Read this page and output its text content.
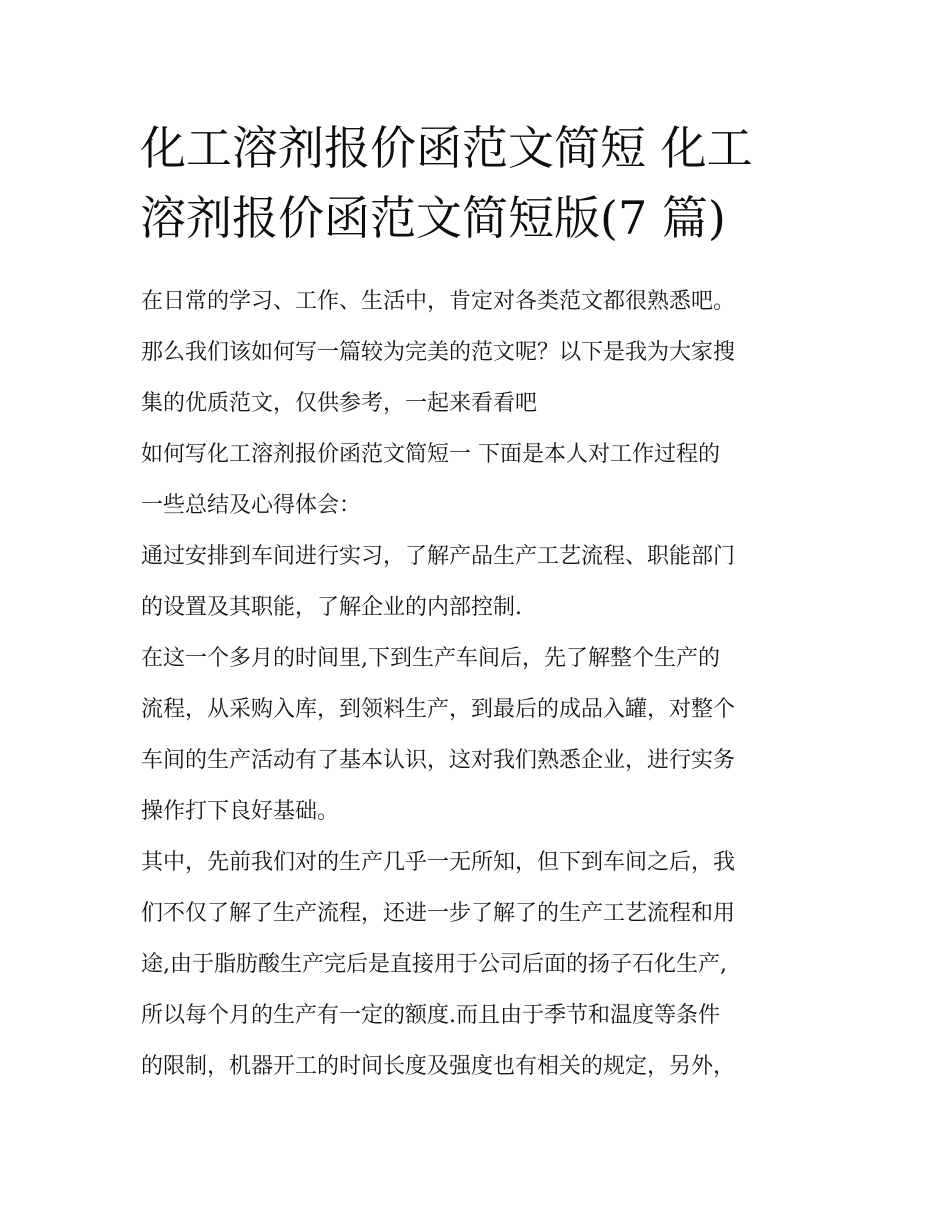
化工溶剂报价函范文简短 化工
溶剂报价函范文简短版(7 篇)
在日常的学习、工作、生活中，肯定对各类范文都很熟悉吧。
那么我们该如何写一篇较为完美的范文呢？以下是我为大家搜
集的优质范文，仅供参考，一起来看看吧
如何写化工溶剂报价函范文简短一 下面是本人对工作过程的
一些总结及心得体会：
通过安排到车间进行实习，了解产品生产工艺流程、职能部门
的设置及其职能，了解企业的内部控制.
在这一个多月的时间里,下到生产车间后，先了解整个生产的
流程，从采购入库，到领料生产，到最后的成品入罐，对整个
车间的生产活动有了基本认识，这对我们熟悉企业，进行实务
操作打下良好基础。
其中，先前我们对的生产几乎一无所知，但下到车间之后，我
们不仅了解了生产流程，还进一步了解了的生产工艺流程和用
途,由于脂肪酸生产完后是直接用于公司后面的扬子石化生产,
所以每个月的生产有一定的额度.而且由于季节和温度等条件
的限制，机器开工的时间长度及强度也有相关的规定，另外，
